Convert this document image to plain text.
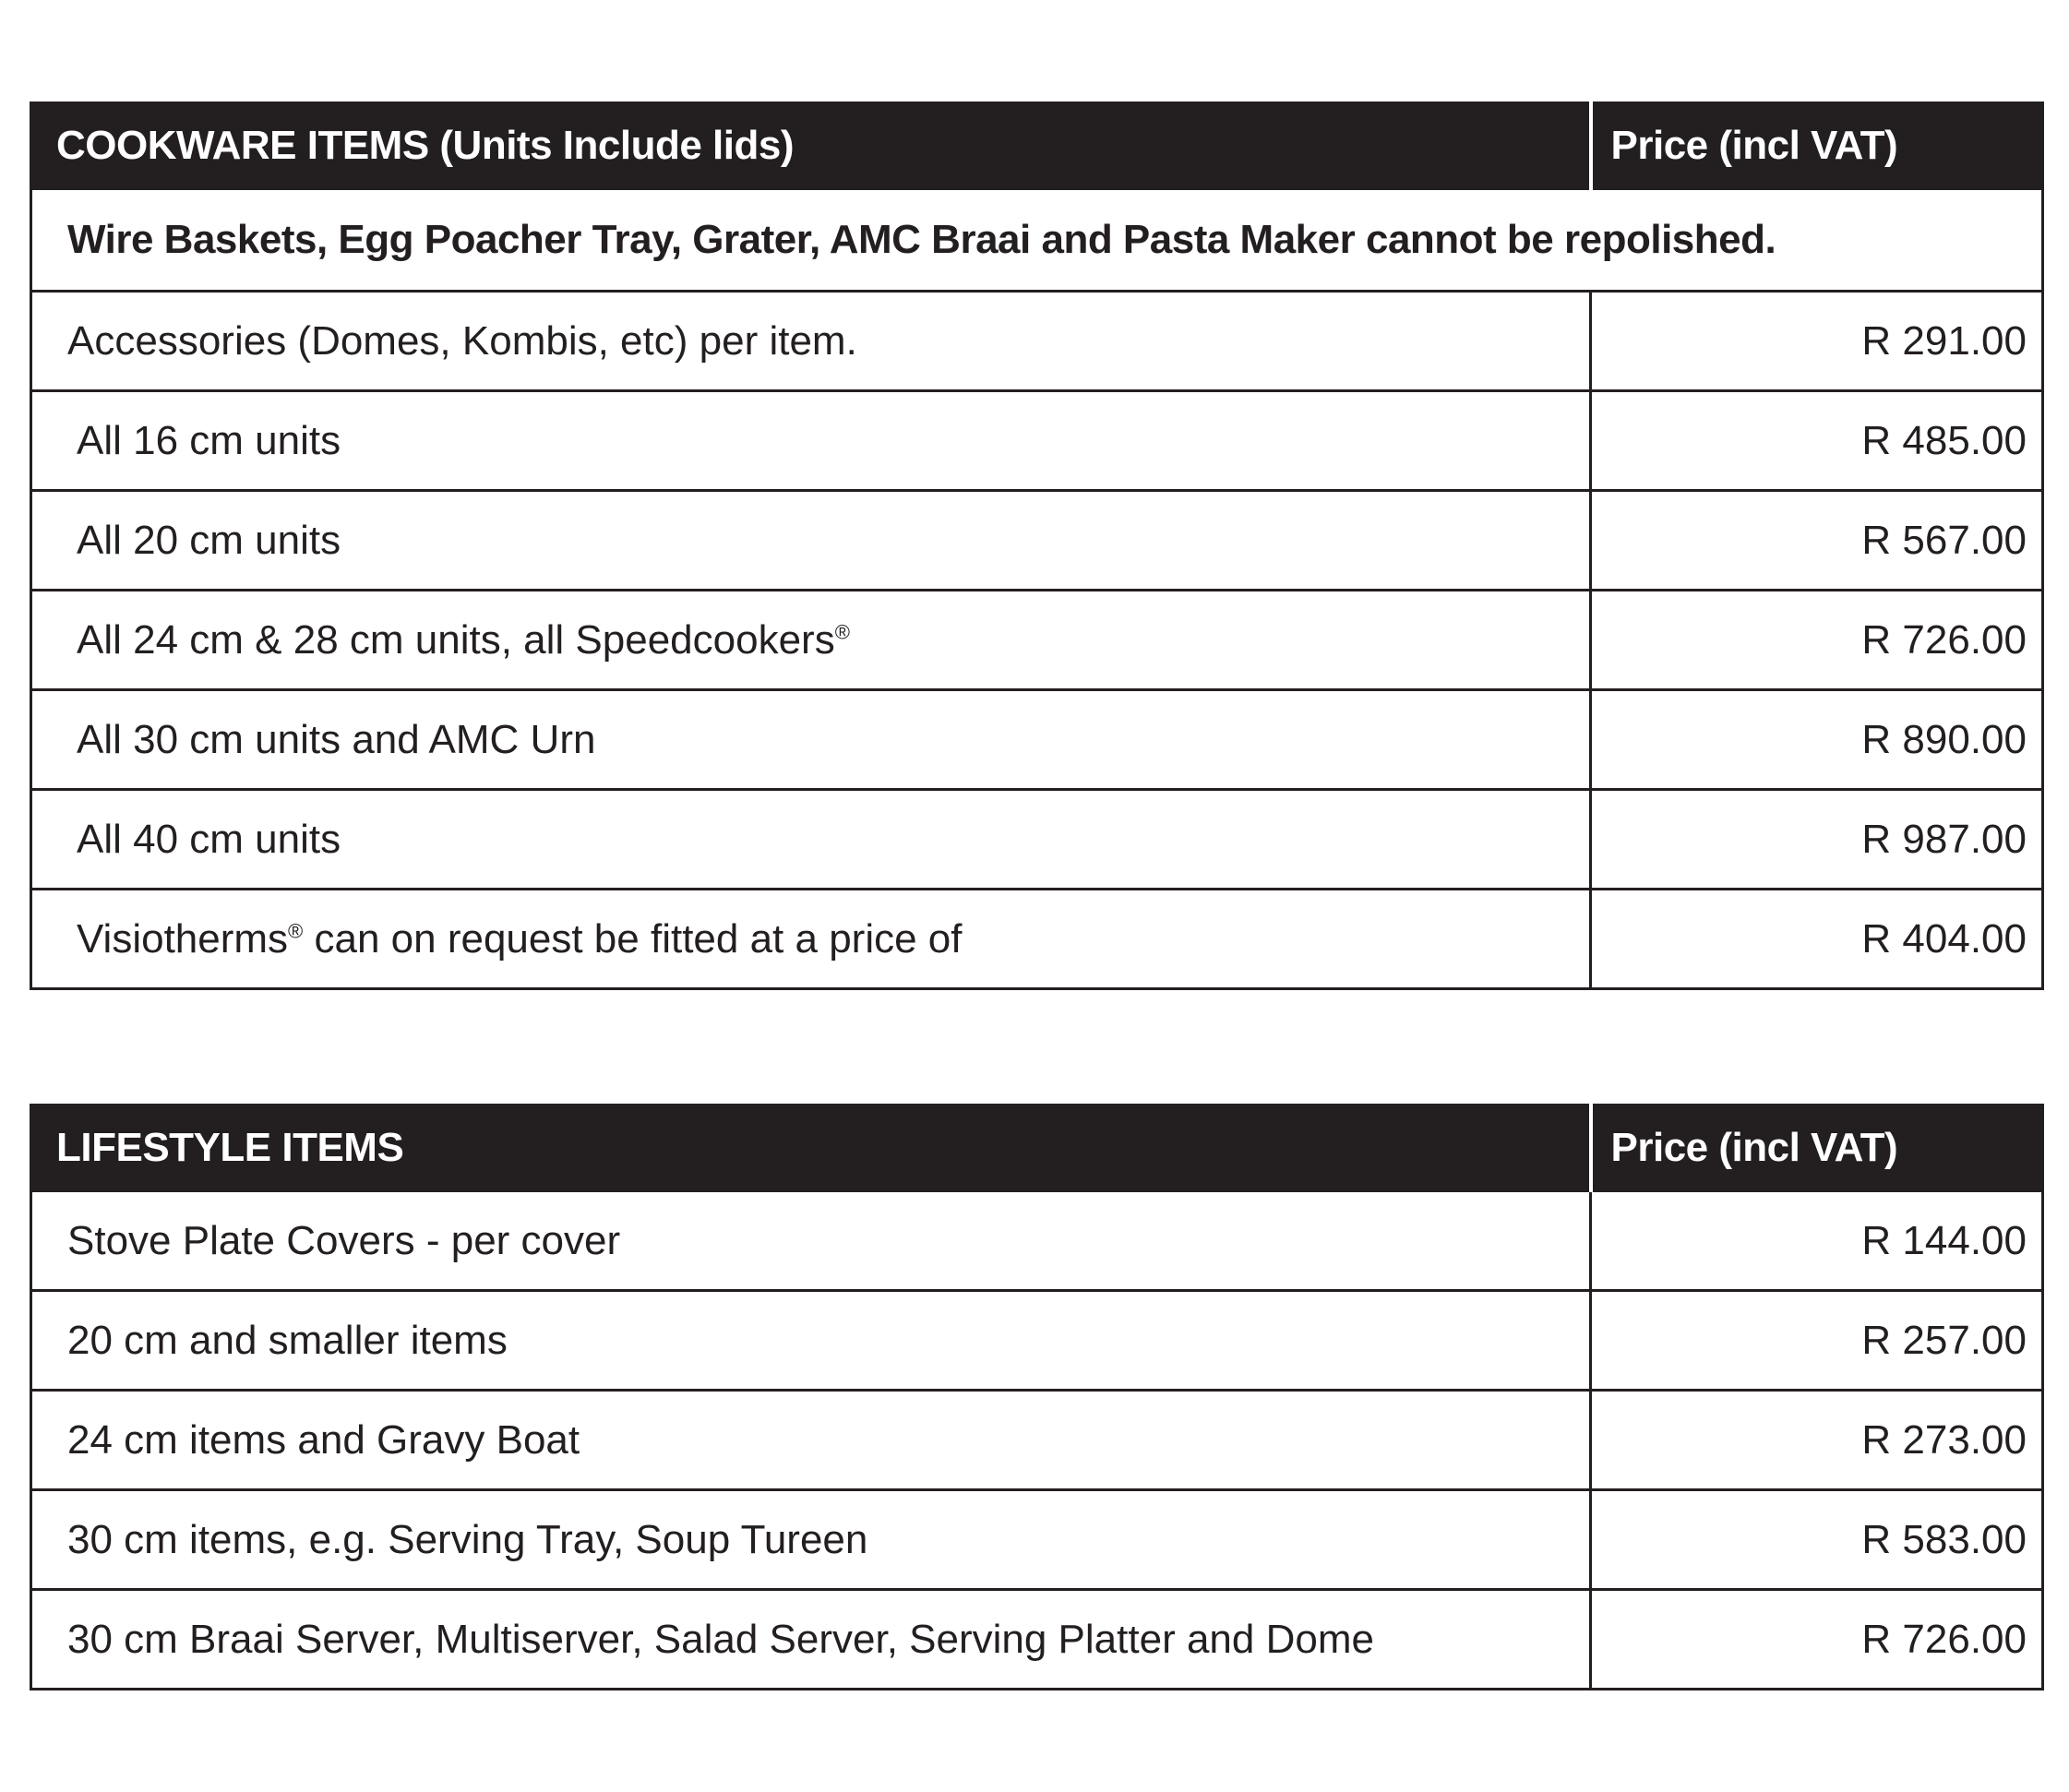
COOKWARE ITEMS (Units Include lids)	Price (incl VAT)
Wire Baskets, Egg Poacher Tray, Grater, AMC Braai and Pasta Maker cannot be repolished.	
Accessories (Domes, Kombis, etc) per item.	R 291.00
All 16 cm units	R 485.00
All 20 cm units	R 567.00
All 24 cm & 28 cm units, all Speedcookers®	R 726.00
All 30 cm units and AMC Urn	R 890.00
All 40 cm units	R 987.00
Visiotherms® can on request be fitted at a price of	R 404.00
LIFESTYLE ITEMS	Price (incl VAT)
Stove Plate Covers - per cover	R 144.00
20 cm and smaller items	R 257.00
24 cm items and Gravy Boat	R 273.00
30 cm items, e.g. Serving Tray, Soup Tureen	R 583.00
30 cm Braai Server, Multiserver, Salad Server, Serving Platter and Dome	R 726.00
